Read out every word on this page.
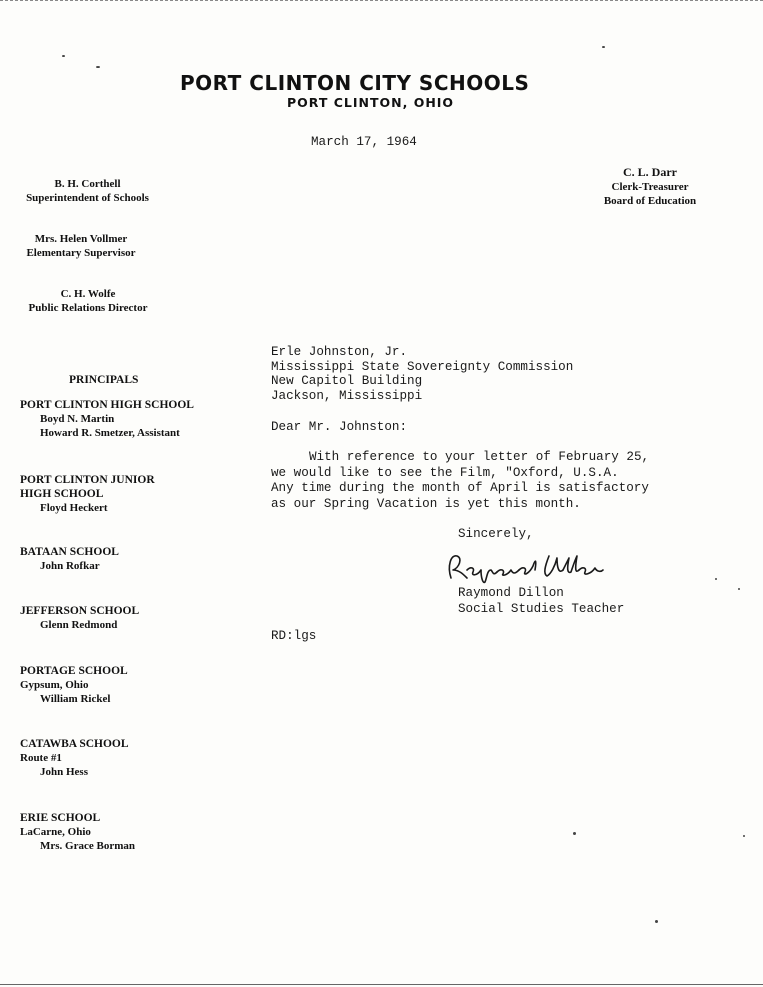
PORT CLINTON CITY SCHOOLS
PORT CLINTON, OHIO
March 17, 1964
C. L. Darr
Clerk-Treasurer
Board of Education
B. H. Corthell
Superintendent of Schools
Mrs. Helen Vollmer
Elementary Supervisor
C. H. Wolfe
Public Relations Director
PRINCIPALS
PORT CLINTON HIGH SCHOOL
Boyd N. Martin
Howard R. Smetzer, Assistant
PORT CLINTON JUNIOR
HIGH SCHOOL
Floyd Heckert
BATAAN SCHOOL
John Rofkar
JEFFERSON SCHOOL
Glenn Redmond
PORTAGE SCHOOL
Gypsum, Ohio
William Rickel
CATAWBA SCHOOL
Route #1
John Hess
ERIE SCHOOL
LaCarne, Ohio
Mrs. Grace Borman
Erle Johnston, Jr.
Mississippi State Sovereignty Commission
New Capitol Building
Jackson, Mississippi
Dear Mr. Johnston:
With reference to your letter of February 25,
we would like to see the Film, "Oxford, U.S.A.
Any time during the month of April is satisfactory
as our Spring Vacation is yet this month.
Sincerely,
Raymond Dillon
Social Studies Teacher
RD:lgs
